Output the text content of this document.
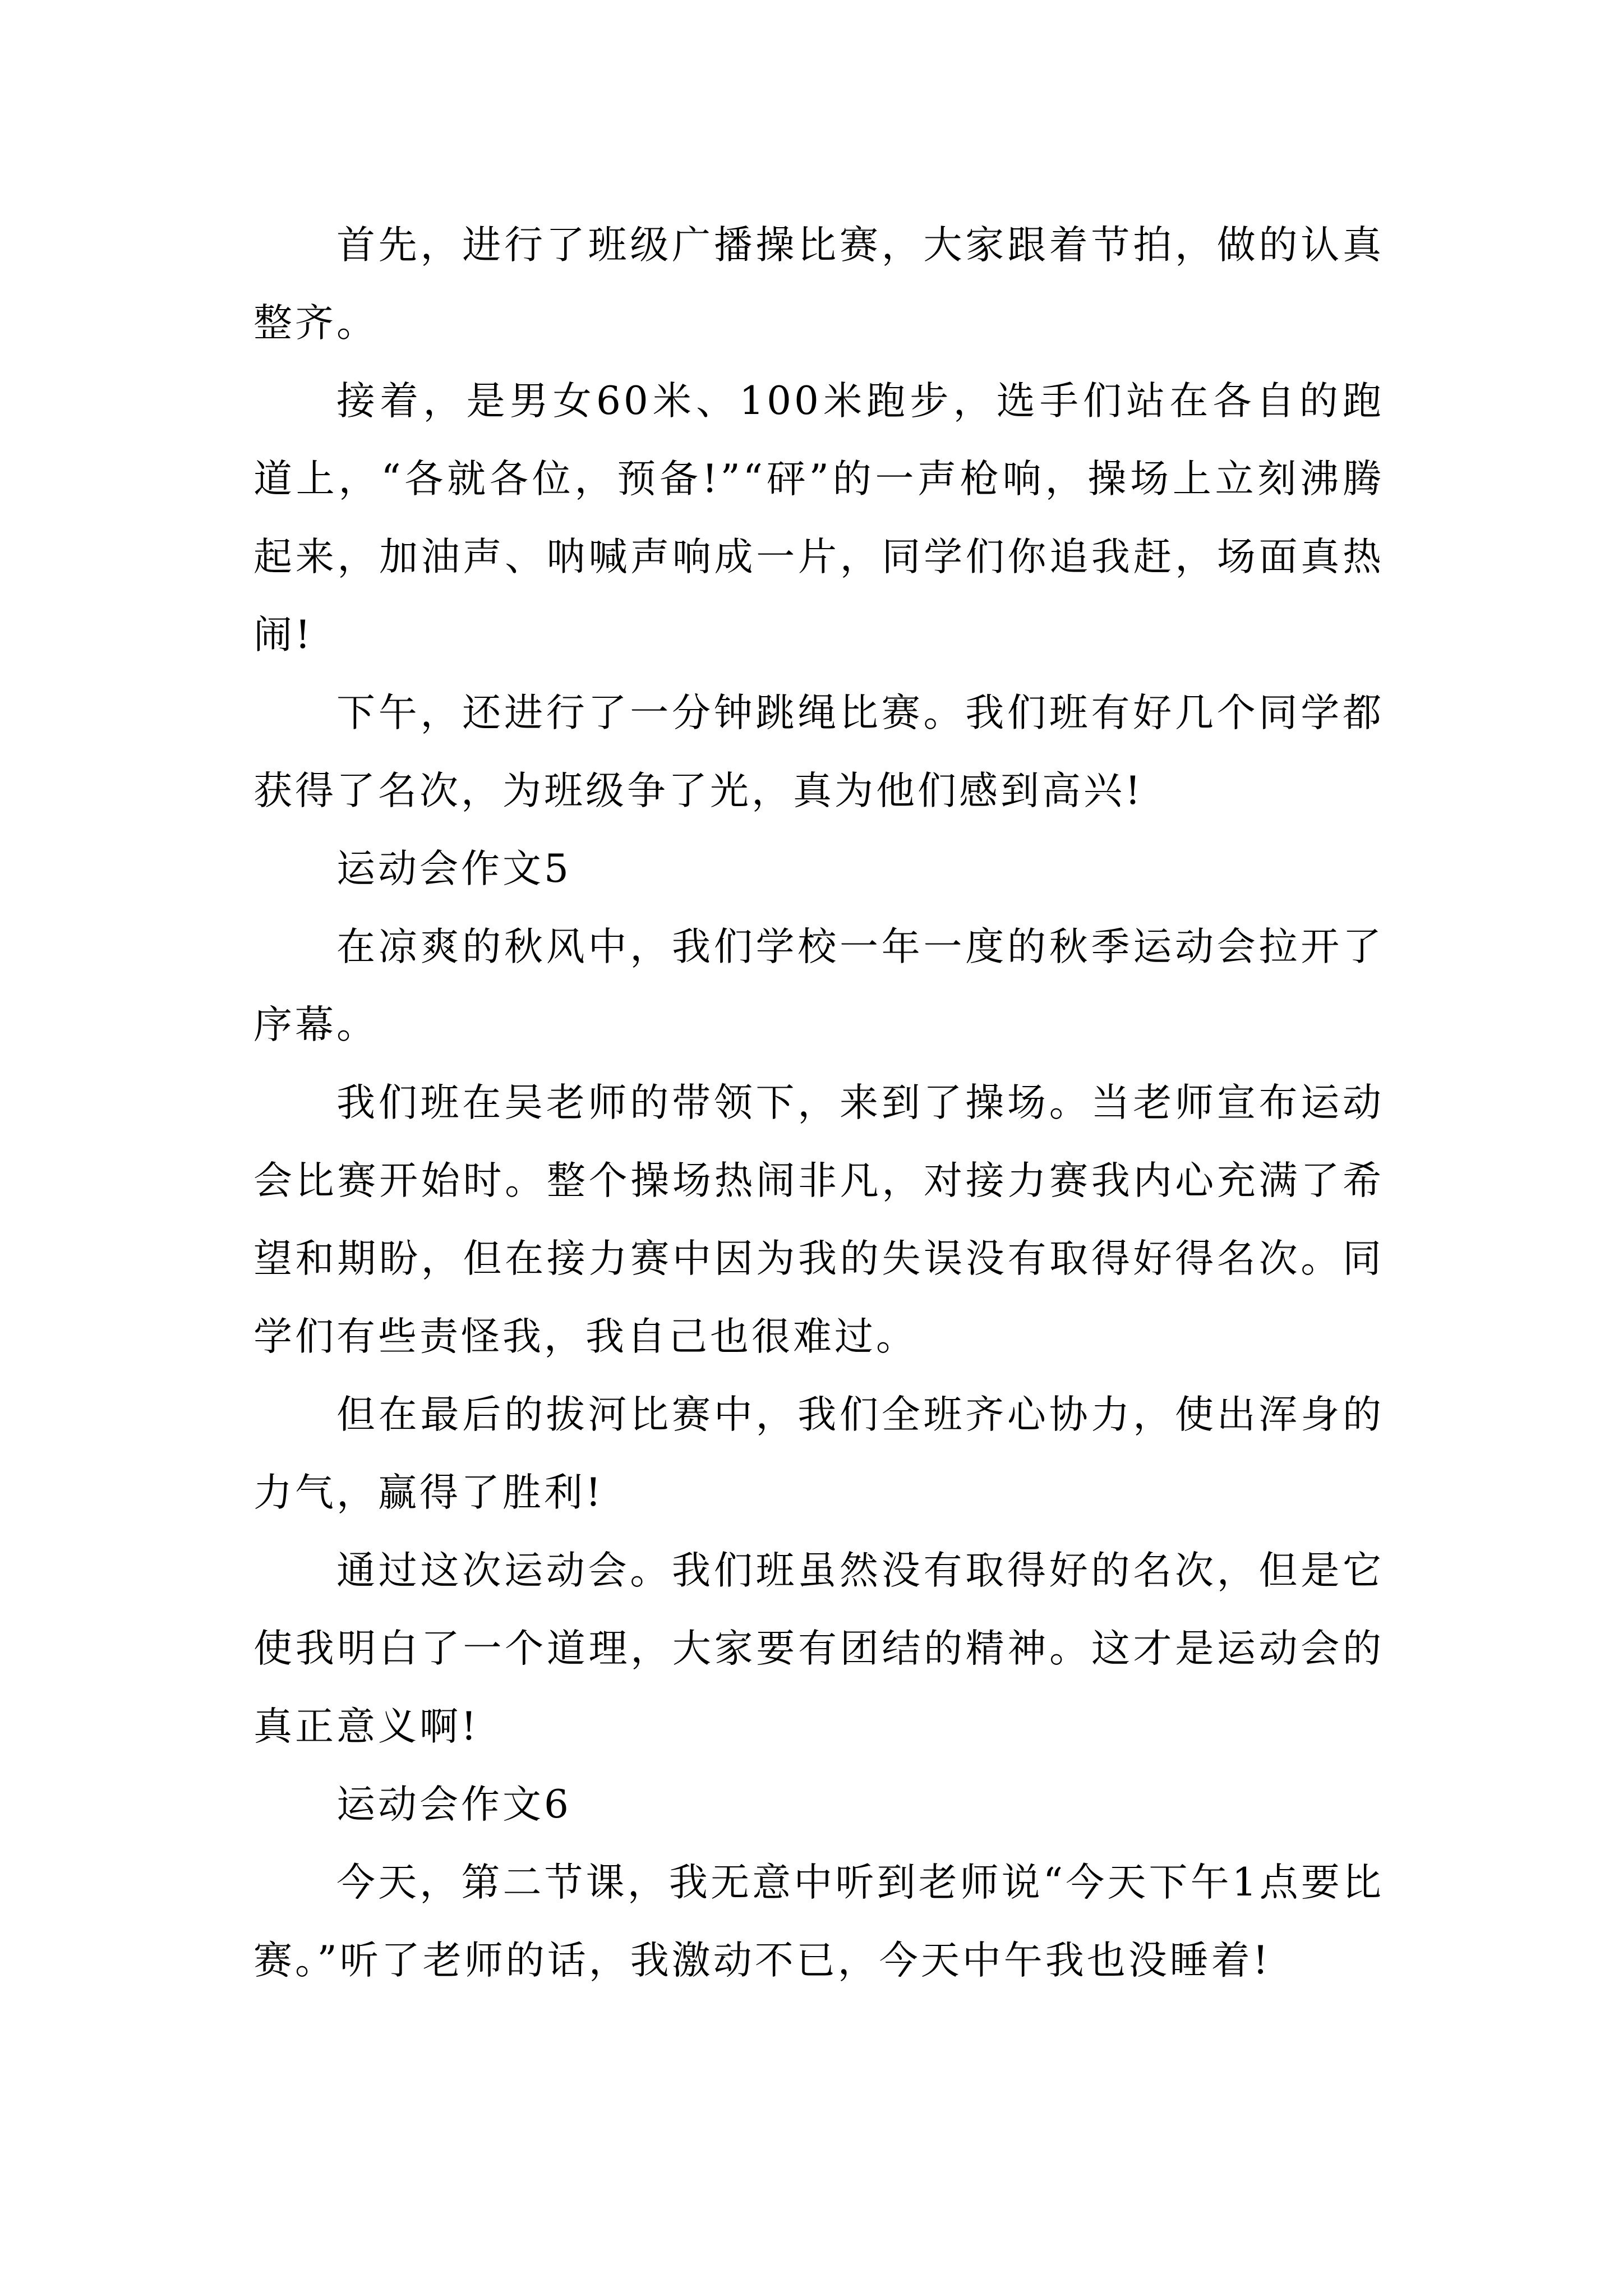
首先，进行了班级广播操比赛，大家跟着节拍，做的认真整齐。

接着，是男女60米、100米跑步，选手们站在各自的跑道上，“各就各位，预备!”“砰”的一声枪响，操场上立刻沸腾起来，加油声、呐喊声响成一片，同学们你追我赶，场面真热闹!

下午，还进行了一分钟跳绳比赛。我们班有好几个同学都获得了名次，为班级争了光，真为他们感到高兴!

运动会作文5

在凉爽的秋风中，我们学校一年一度的秋季运动会拉开了序幕。

我们班在吴老师的带领下，来到了操场。当老师宣布运动会比赛开始时。整个操场热闹非凡，对接力赛我内心充满了希望和期盼，但在接力赛中因为我的失误没有取得好得名次。同学们有些责怪我，我自己也很难过。

但在最后的拔河比赛中，我们全班齐心协力，使出浑身的力气，赢得了胜利!

通过这次运动会。我们班虽然没有取得好的名次，但是它使我明白了一个道理，大家要有团结的精神。这才是运动会的真正意义啊!

运动会作文6

今天，第二节课，我无意中听到老师说“今天下午1点要比赛。”听了老师的话，我激动不已，今天中午我也没睡着!
